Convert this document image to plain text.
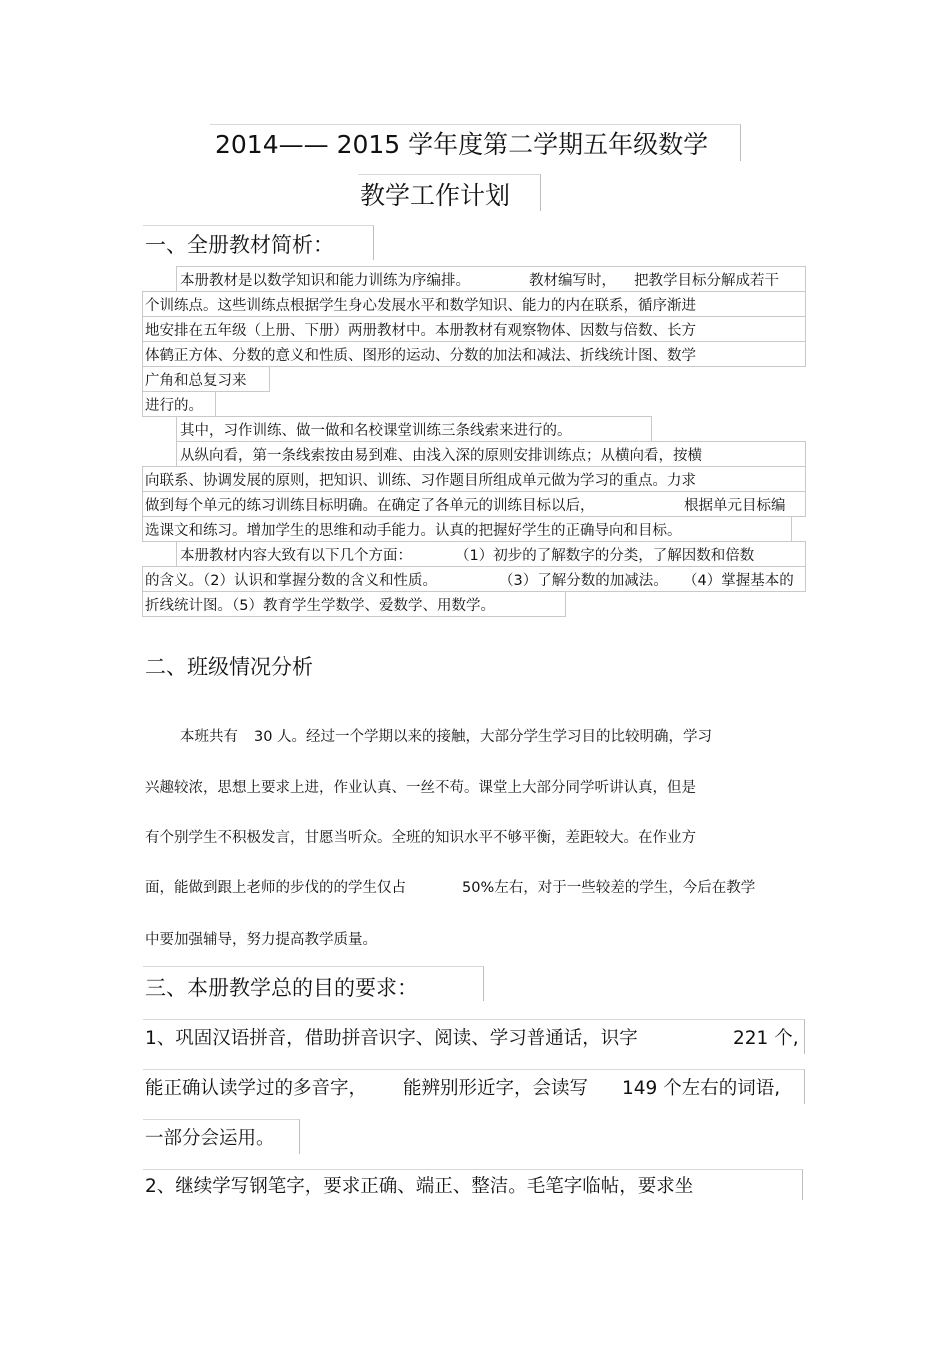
2014—— 2015 学年度第二学期五年级数学
教学工作计划
一、全册教材简析：
本册教材是以数学知识和能力训练为序编排。	教材编写时， 把教学目标分解成若干
个训练点。这些训练点根据学生身心发展水平和数学知识、能力的内在联系，循序渐进
地安排在五年级（上册、下册）两册教材中。本册教材有观察物体、因数与倍数、长方
体鹤正方体、分数的意义和性质、图形的运动、分数的加法和减法、折线统计图、数学
广角和总复习来
进行的。
其中，习作训练、做一做和名校课堂训练三条线索来进行的。
从纵向看，第一条线索按由易到难、由浅入深的原则安排训练点；从横向看，按横
向联系、协调发展的原则，把知识、训练、习作题目所组成单元做为学习的重点。力求
做到每个单元的练习训练目标明确。在确定了各单元的训练目标以后，	根据单元目标编
选课文和练习。增加学生的思维和动手能力。认真的把握好学生的正确导向和目标。
本册教材内容大致有以下几个方面：	（1）初步的了解数字的分类，了解因数和倍数
的含义。（2）认识和掌握分数的含义和性质。	（3）了解分数的加减法。 （4）掌握基本的
折线统计图。（5）教育学生学数学、爱数学、用数学。
二、班级情况分析
本班共有 30 人。经过一个学期以来的接触，大部分学生学习目的比较明确，学习
兴趣较浓，思想上要求上进，作业认真、一丝不苟。课堂上大部分同学听讲认真，但是
有个别学生不积极发言，甘愿当听众。全班的知识水平不够平衡，差距较大。在作业方
面，能做到跟上老师的步伐的的学生仅占	50%左右，对于一些较差的学生，今后在教学
中要加强辅导，努力提高教学质量。
三、本册教学总的目的要求：
1、巩固汉语拼音，借助拼音识字、阅读、学习普通话，识字	221 个,
能正确认读学过的多音字， 能辨别形近字，会读写 149 个左右的词语,
一部分会运用。
2、继续学写钢笔字，要求正确、端正、整洁。毛笔字临帖，要求坐
